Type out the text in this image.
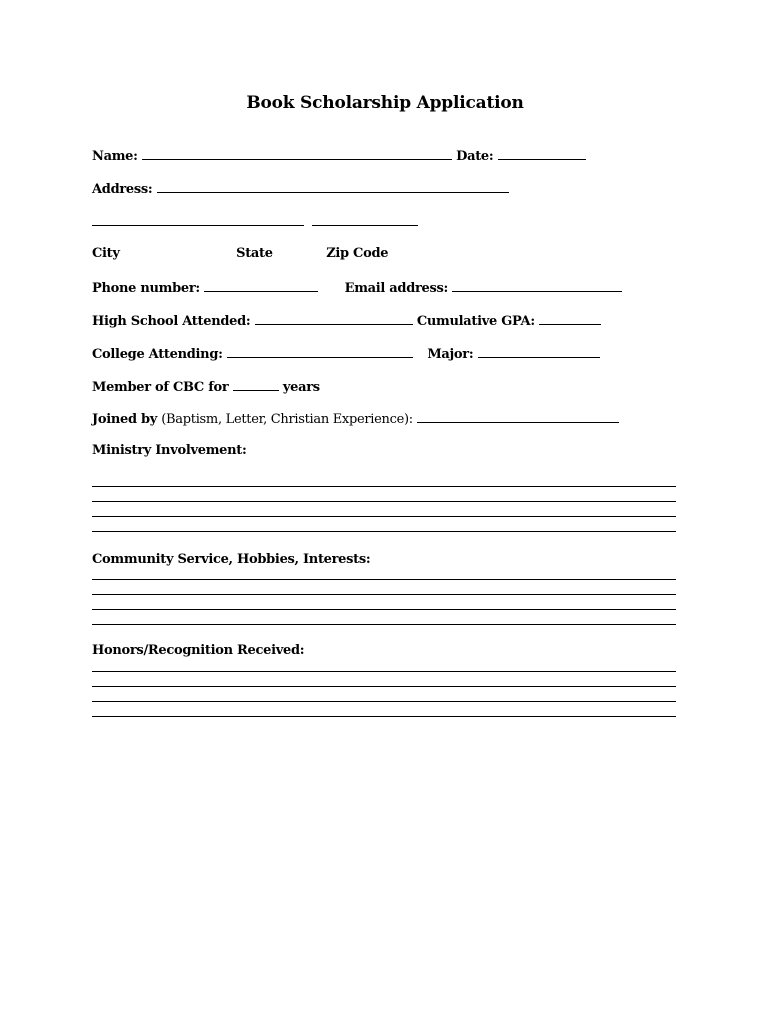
Book Scholarship Application
Name:	Date:
Address:

City	State	Zip Code
Phone number:	Email address:
High School Attended:	Cumulative GPA:
College Attending:	Major:
Member of CBC for	years
Joined by (Baptism, Letter, Christian Experience):
Ministry Involvement:
Community Service, Hobbies, Interests:
Honors/Recognition Received:
